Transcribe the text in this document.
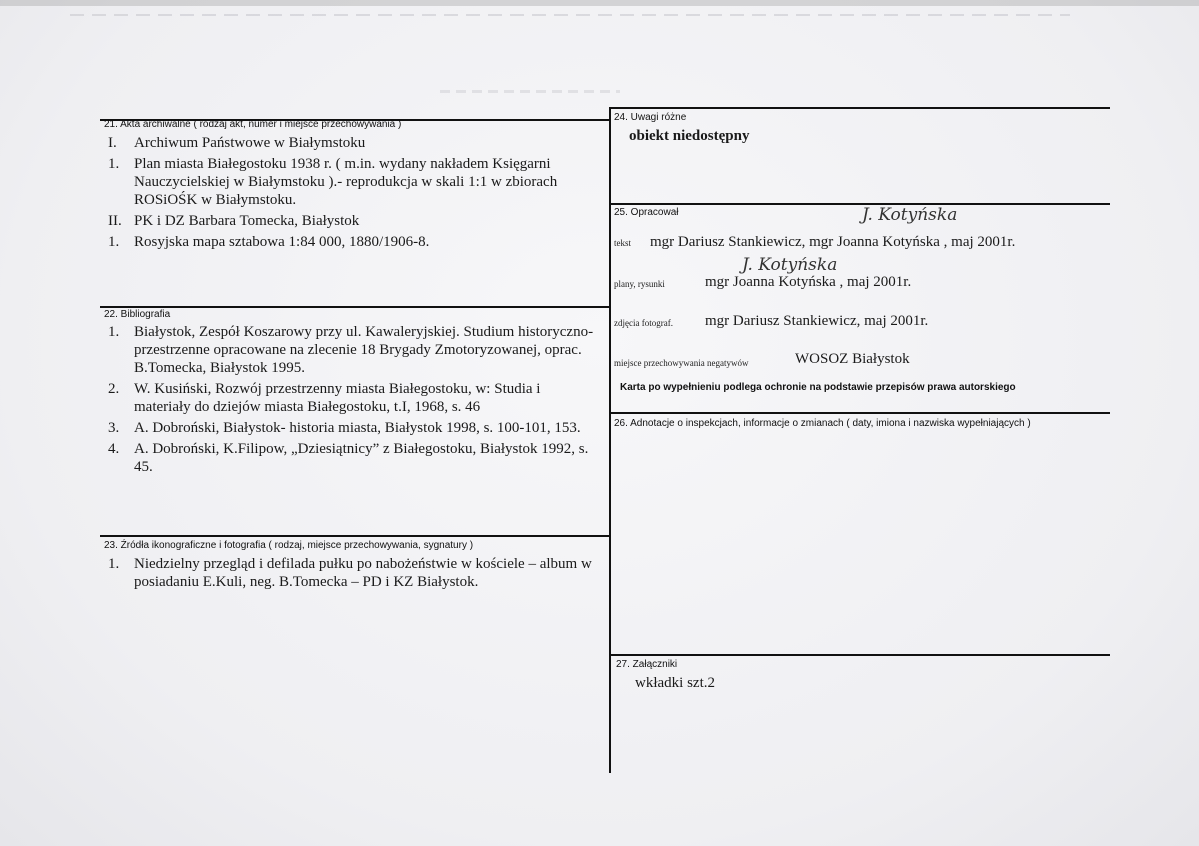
21. Akta archiwalne ( rodzaj akt, numer i miejsce przechowywania )
I. Archiwum Państwowe w Białymstoku
1. Plan miasta Białegostoku 1938 r. ( m.in. wydany nakładem Księgarni Nauczycielskiej w Białymstoku ).- reprodukcja w skali 1:1 w zbiorach ROSiOŚK w Białymstoku.
II. PK i DZ Barbara Tomecka, Białystok
1. Rosyjska mapa sztabowa 1:84 000, 1880/1906-8.
22. Bibliografia
1. Białystok, Zespół Koszarowy przy ul. Kawaleryjskiej. Studium historyczno-przestrzenne opracowane na zlecenie 18 Brygady Zmotoryzowanej, oprac. B.Tomecka, Białystok 1995.
2. W. Kusiński, Rozwój przestrzenny miasta Białegostoku, w: Studia i materiały do dziejów miasta Białegostoku, t.I, 1968, s. 46
3. A. Dobroński, Białystok- historia miasta, Białystok 1998, s. 100-101, 153.
4. A. Dobroński, K.Filipow, „Dziesiątnicy” z Białegostoku, Białystok 1992, s. 45.
23. Źródła ikonograficzne i fotografia ( rodzaj, miejsce przechowywania, sygnatury )
1. Niedzielny przegląd i defilada pułku po nabożeństwie w kościele – album w posiadaniu E.Kuli, neg. B.Tomecka – PD i KZ Białystok.
24. Uwagi różne
obiekt niedostępny
25. Opracował	J. Kotyńska
tekst mgr Dariusz Stankiewicz, mgr Joanna Kotyńska , maj 2001r.
J. Kotyńska
plany, rysunki	mgr Joanna Kotyńska , maj 2001r.
zdjęcia fotograf. mgr Dariusz Stankiewicz, maj 2001r.
miejsce przechowywania negatywów	WOSOZ Białystok
Karta po wypełnieniu podlega ochronie na podstawie przepisów prawa autorskiego
26. Adnotacje o inspekcjach, informacje o zmianach ( daty, imiona i nazwiska wypełniających )
27. Załączniki
wkładki szt.2
